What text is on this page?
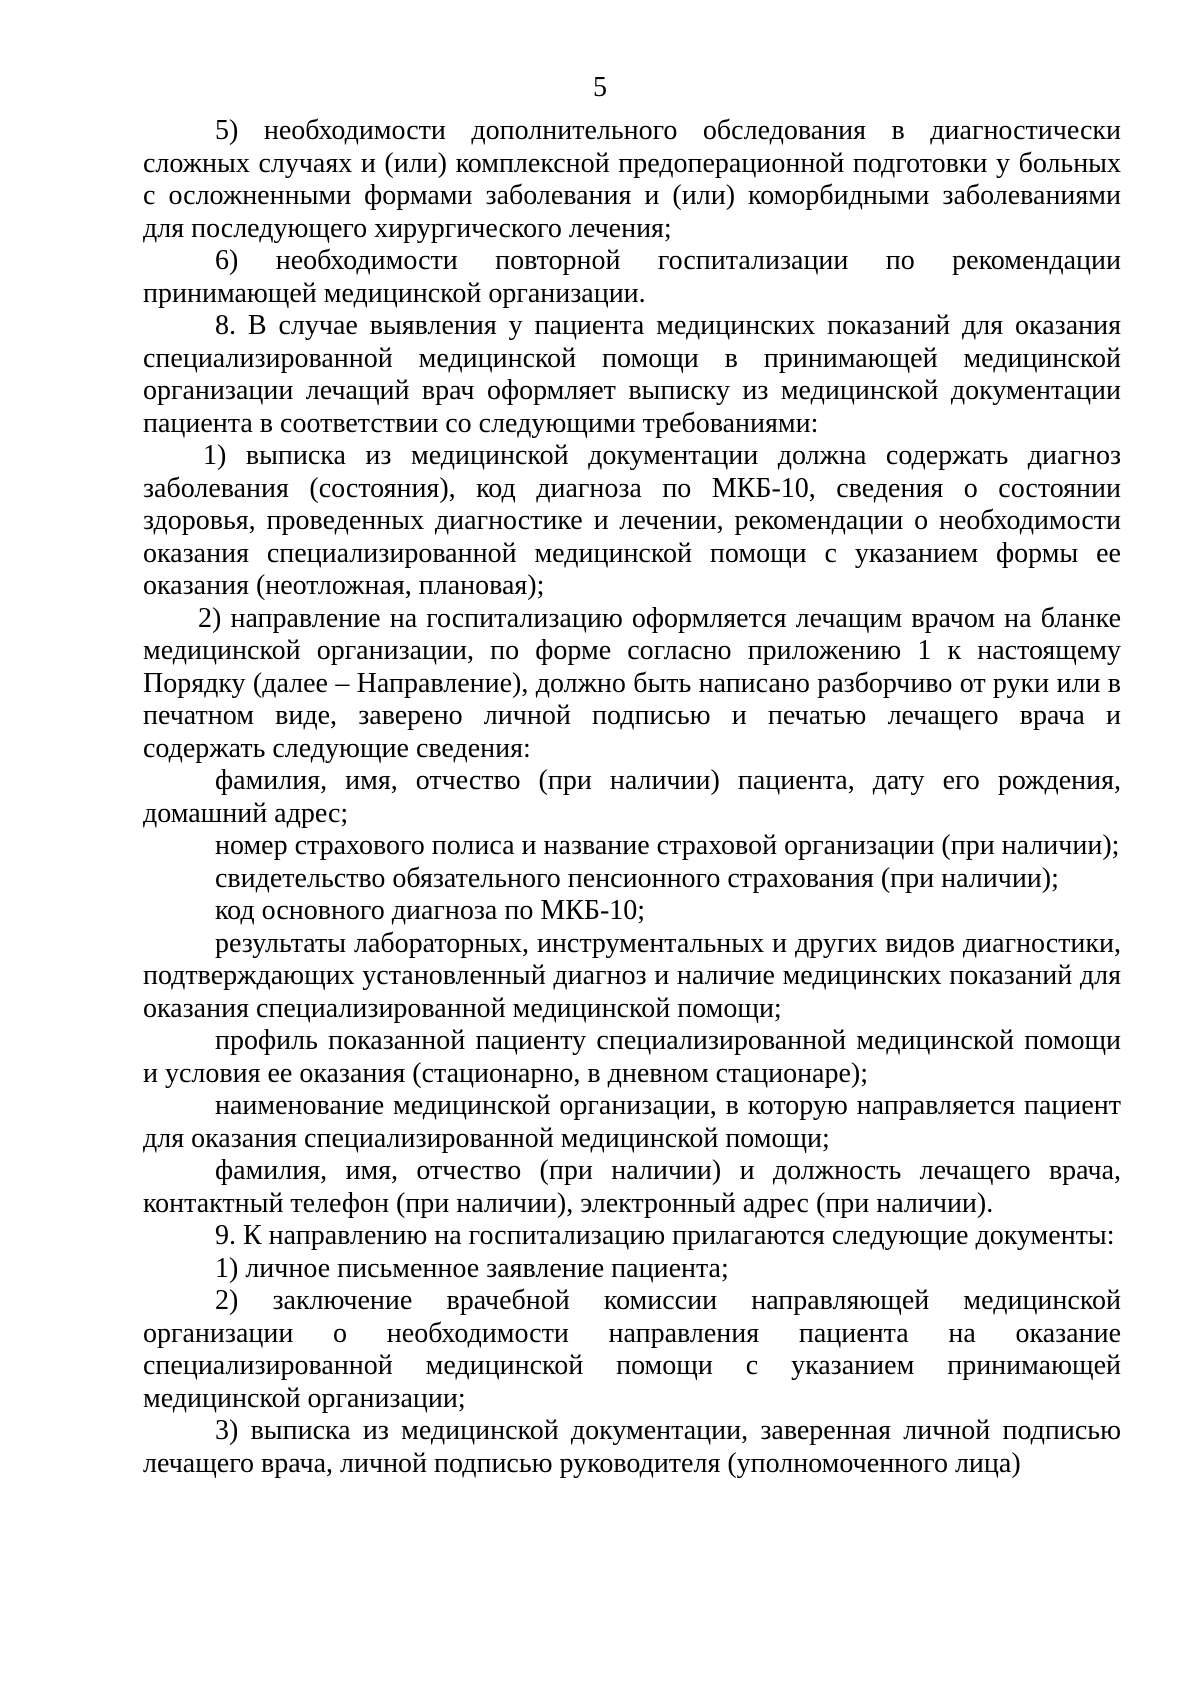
5

5) необходимости дополнительного обследования в диагностически сложных случаях и (или) комплексной предоперационной подготовки у больных с осложненными формами заболевания и (или) коморбидными заболеваниями для последующего хирургического лечения;

6) необходимости повторной госпитализации по рекомендации принимающей медицинской организации.

8. В случае выявления у пациента медицинских показаний для оказания специализированной медицинской помощи в принимающей медицинской организации лечащий врач оформляет выписку из медицинской документации пациента в соответствии со следующими требованиями:

1) выписка из медицинской документации должна содержать диагноз заболевания (состояния), код диагноза по МКБ-10, сведения о состоянии здоровья, проведенных диагностике и лечении, рекомендации о необходимости оказания специализированной медицинской помощи с указанием формы ее оказания (неотложная, плановая);

2) направление на госпитализацию оформляется лечащим врачом на бланке медицинской организации, по форме согласно приложению 1 к настоящему Порядку (далее – Направление), должно быть написано разборчиво от руки или в печатном виде, заверено личной подписью и печатью лечащего врача и содержать следующие сведения:

фамилия, имя, отчество (при наличии) пациента, дату его рождения, домашний адрес;

номер страхового полиса и название страховой организации (при наличии);

свидетельство обязательного пенсионного страхования (при наличии);

код основного диагноза по МКБ-10;

результаты лабораторных, инструментальных и других видов диагностики, подтверждающих установленный диагноз и наличие медицинских показаний для оказания специализированной медицинской помощи;

профиль показанной пациенту специализированной медицинской помощи и условия ее оказания (стационарно, в дневном стационаре);

наименование медицинской организации, в которую направляется пациент для оказания специализированной медицинской помощи;

фамилия, имя, отчество (при наличии) и должность лечащего врача, контактный телефон (при наличии), электронный адрес (при наличии).

9. К направлению на госпитализацию прилагаются следующие документы:

1) личное письменное заявление пациента;

2) заключение врачебной комиссии направляющей медицинской организации о необходимости направления пациента на оказание специализированной медицинской помощи с указанием принимающей медицинской организации;

3) выписка из медицинской документации, заверенная личной подписью лечащего врача, личной подписью руководителя (уполномоченного лица)
